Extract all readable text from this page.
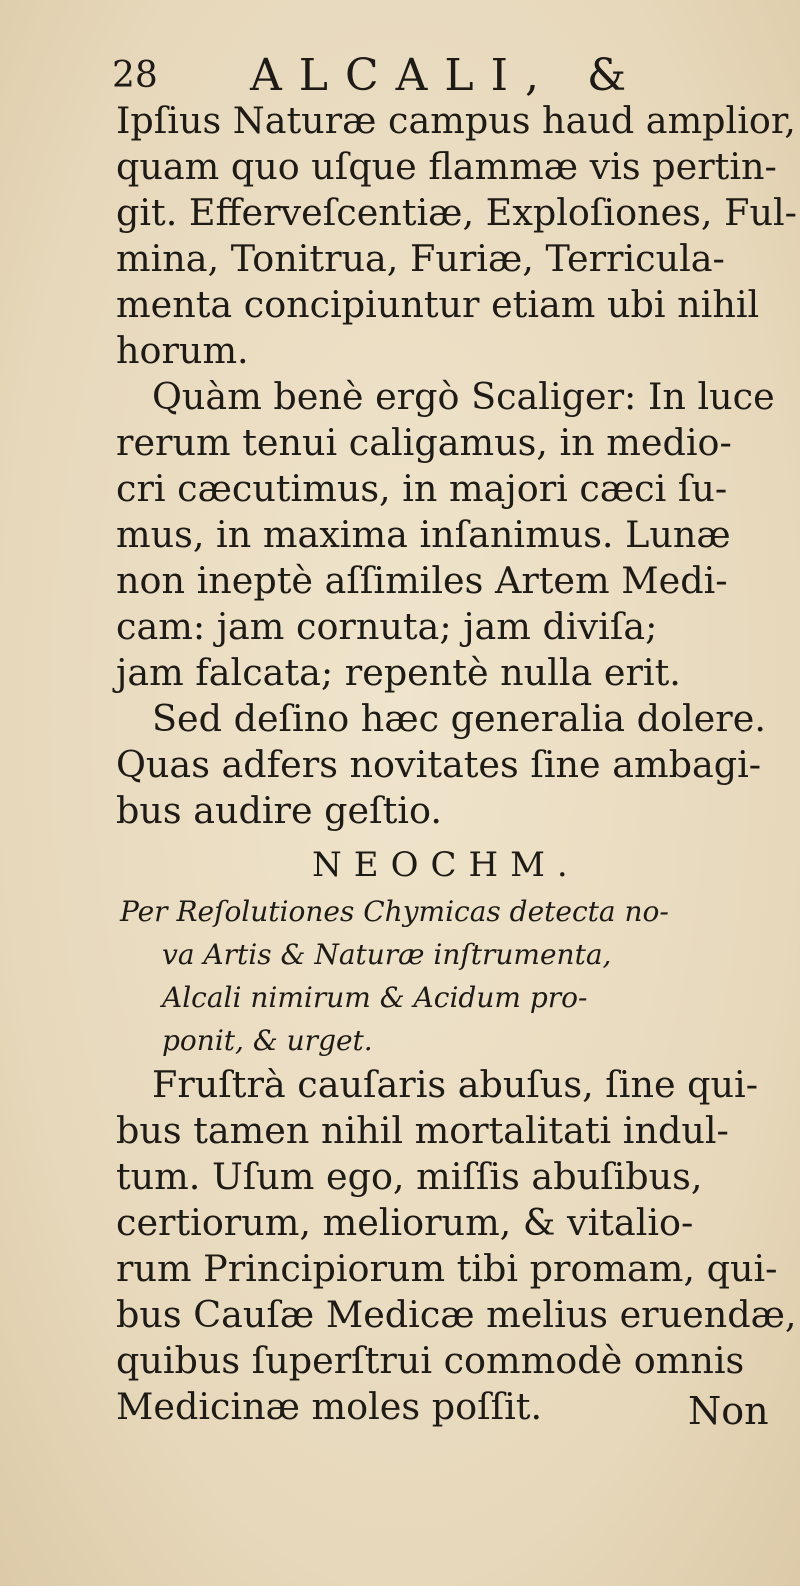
28 ALCALI, &
Ipſius Naturæ campus haud amplior,
quam quo uſque flammæ vis pertin-
git. Efferveſcentiæ, Exploſiones, Ful-
mina, Tonitrua, Furiæ, Terricula-
menta concipiuntur etiam ubi nihil
horum.
Quàm benè ergò Scaliger: In luce
rerum tenui caligamus, in medio-
cri cæcutimus, in majori cæci ſu-
mus, in maxima inſanimus. Lunæ
non ineptè aſſimiles Artem Medi-
cam: jam cornuta; jam diviſa;
jam falcata; repentè nulla erit.
Sed deſino hæc generalia dolere.
Quas adfers novitates ſine ambagi-
bus audire geſtio.
NEOCHM.
Per Reſolutiones Chymicas detecta no-
va Artis & Naturæ inſtrumenta,
Alcali nimirum & Acidum pro-
ponit, & urget.
Fruſtrà cauſaris abuſus, ſine qui-
bus tamen nihil mortalitati indul-
tum. Uſum ego, miſſis abuſibus,
certiorum, meliorum, & vitalio-
rum Principiorum tibi promam, qui-
bus Cauſæ Medicæ melius eruendæ,
quibus ſuperſtrui commodè omnis
Medicinæ moles poſſit.	Non
